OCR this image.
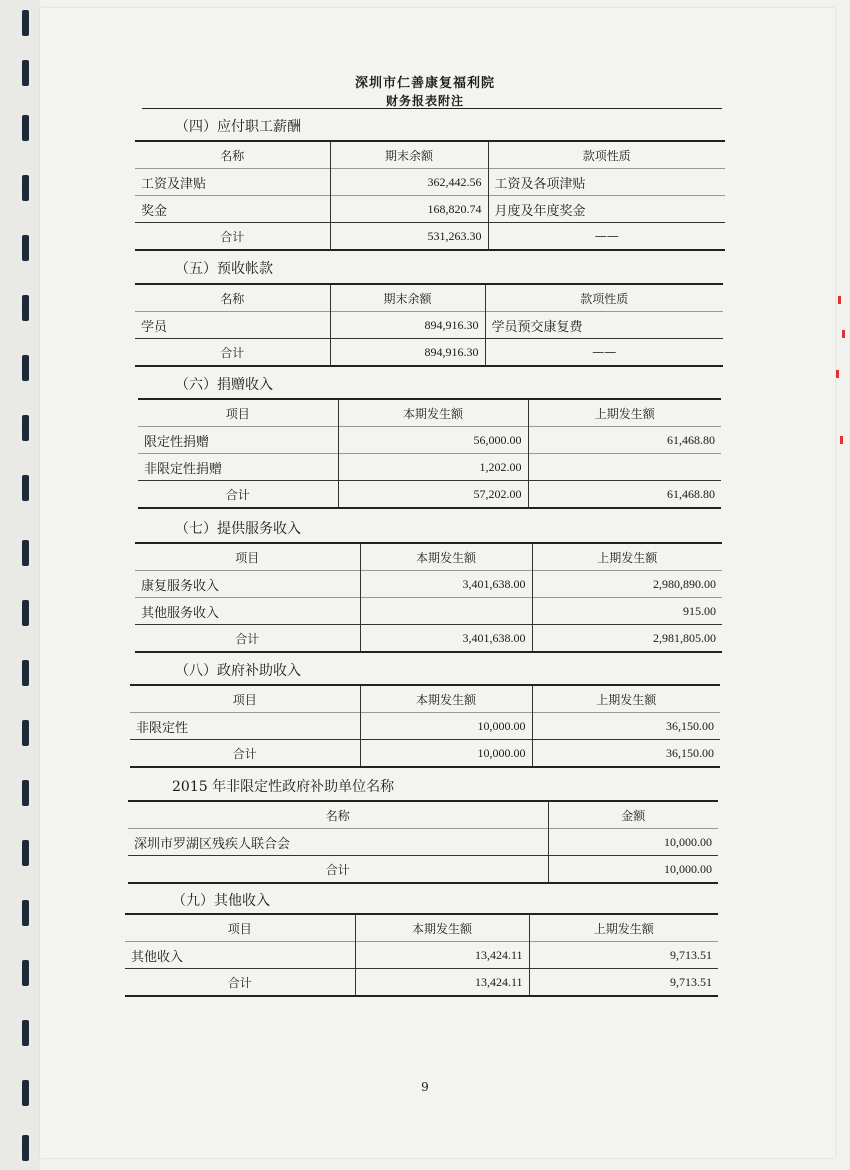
深圳市仁善康复福利院
财务报表附注
（四）应付职工薪酬
名称	期末余额	款项性质
工资及津贴	362,442.56	工资及各项津贴
奖金	168,820.74	月度及年度奖金
合计	531,263.30	——
（五）预收帐款
名称	期末余额	款项性质
学员	894,916.30	学员预交康复费
合计	894,916.30	——
（六）捐赠收入
项目	本期发生额	上期发生额
限定性捐赠	56,000.00	61,468.80
非限定性捐赠	1,202.00	
合计	57,202.00	61,468.80
（七）提供服务收入
项目	本期发生额	上期发生额
康复服务收入	3,401,638.00	2,980,890.00
其他服务收入		915.00
合计	3,401,638.00	2,981,805.00
（八）政府补助收入
项目	本期发生额	上期发生额
非限定性	10,000.00	36,150.00
合计	10,000.00	36,150.00
2015 年非限定性政府补助单位名称
名称	金额
深圳市罗湖区残疾人联合会	10,000.00
合计	10,000.00
（九）其他收入
项目	本期发生额	上期发生额
其他收入	13,424.11	9,713.51
合计	13,424.11	9,713.51
9
